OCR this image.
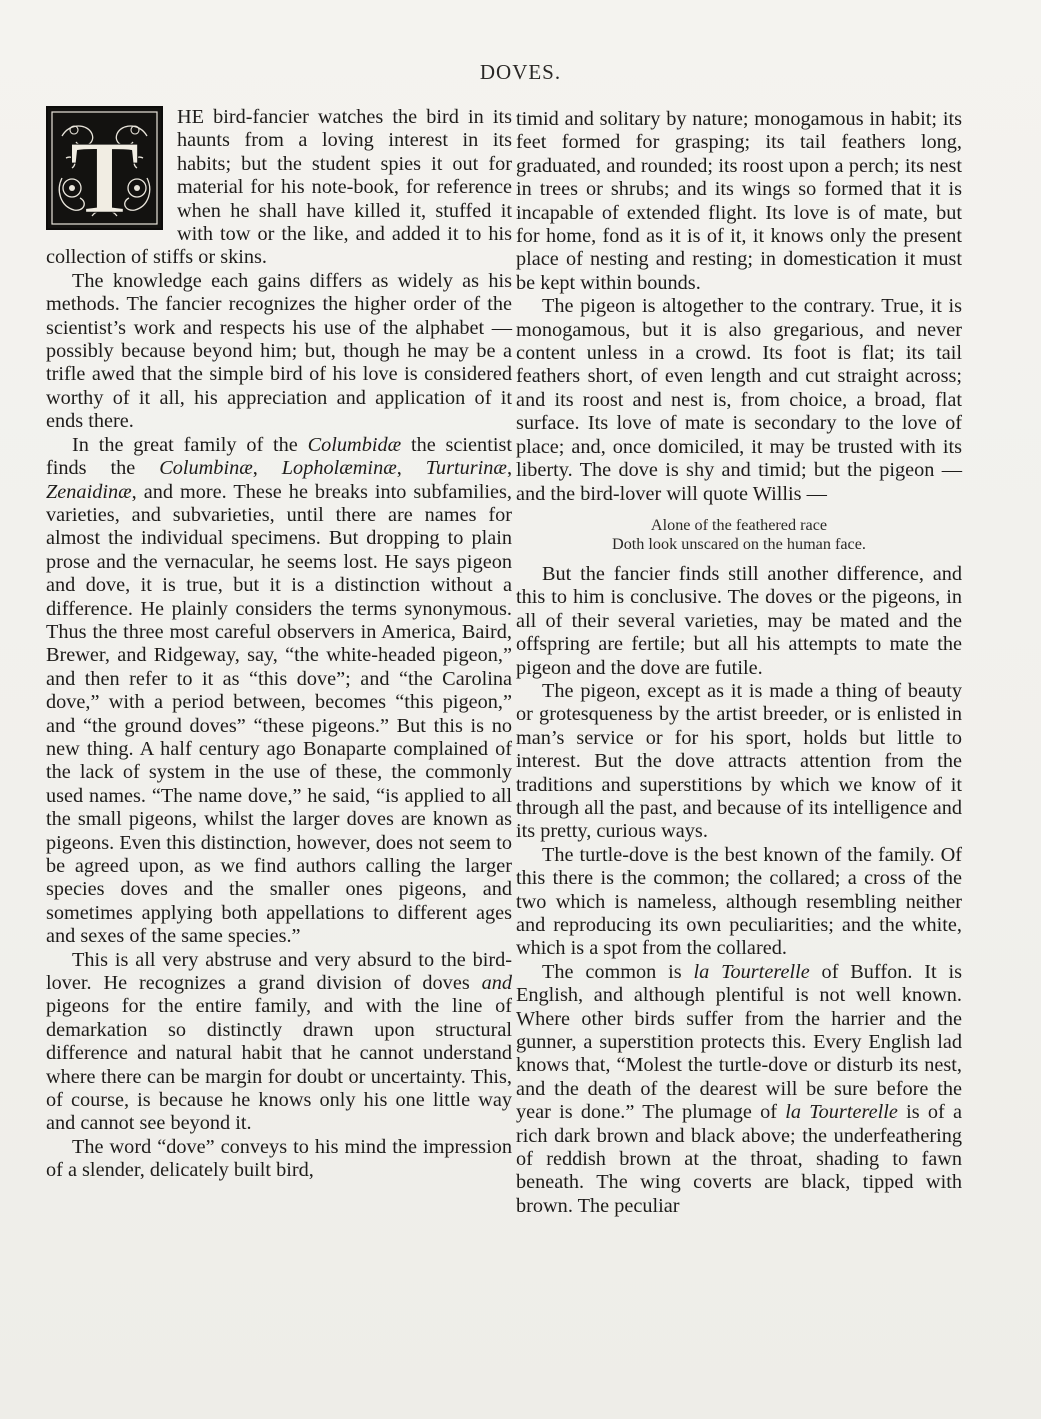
DOVES.

T
HE bird-fancier watches the bird in its haunts from a loving interest in its habits; but the student spies it out for material for his note-book, for reference when he shall have killed it, stuffed it with tow or the like, and added it to his collection of stiffs or skins.

The knowledge each gains differs as widely as his methods. The fancier recognizes the higher order of the scientist’s work and respects his use of the alphabet — possibly because beyond him; but, though he may be a trifle awed that the simple bird of his love is considered worthy of it all, his appreciation and application of it ends there.

In the great family of the Columbidæ the scientist finds the Columbinæ, Lopholæminæ, Turturinæ, Zenaidinæ, and more. These he breaks into subfamilies, varieties, and subvarieties, until there are names for almost the individual specimens. But dropping to plain prose and the vernacular, he seems lost. He says pigeon and dove, it is true, but it is a distinction without a difference. He plainly considers the terms synonymous. Thus the three most careful observers in America, Baird, Brewer, and Ridgeway, say, “the white-headed pigeon,” and then refer to it as “this dove”; and “the Carolina dove,” with a period between, becomes “this pigeon,” and “the ground doves” “these pigeons.” But this is no new thing. A half century ago Bonaparte complained of the lack of system in the use of these, the commonly used names. “The name dove,” he said, “is applied to all the small pigeons, whilst the larger doves are known as pigeons. Even this distinction, however, does not seem to be agreed upon, as we find authors calling the larger species doves and the smaller ones pigeons, and sometimes applying both appellations to different ages and sexes of the same species.”

This is all very abstruse and very absurd to the bird-lover. He recognizes a grand division of doves and pigeons for the entire family, and with the line of demarkation so distinctly drawn upon structural difference and natural habit that he cannot understand where there can be margin for doubt or uncertainty. This, of course, is because he knows only his one little way and cannot see beyond it.

The word “dove” conveys to his mind the impression of a slender, delicately built bird,

timid and solitary by nature; monogamous in habit; its feet formed for grasping; its tail feathers long, graduated, and rounded; its roost upon a perch; its nest in trees or shrubs; and its wings so formed that it is incapable of extended flight. Its love is of mate, but for home, fond as it is of it, it knows only the present place of nesting and resting; in domestication it must be kept within bounds.

The pigeon is altogether to the contrary. True, it is monogamous, but it is also gregarious, and never content unless in a crowd. Its foot is flat; its tail feathers short, of even length and cut straight across; and its roost and nest is, from choice, a broad, flat surface. Its love of mate is secondary to the love of place; and, once domiciled, it may be trusted with its liberty. The dove is shy and timid; but the pigeon — and the bird-lover will quote Willis —

Alone of the feathered race
Doth look unscared on the human face.

But the fancier finds still another difference, and this to him is conclusive. The doves or the pigeons, in all of their several varieties, may be mated and the offspring are fertile; but all his attempts to mate the pigeon and the dove are futile.

The pigeon, except as it is made a thing of beauty or grotesqueness by the artist breeder, or is enlisted in man’s service or for his sport, holds but little to interest. But the dove attracts attention from the traditions and superstitions by which we know of it through all the past, and because of its intelligence and its pretty, curious ways.

The turtle-dove is the best known of the family. Of this there is the common; the collared; a cross of the two which is nameless, although resembling neither and reproducing its own peculiarities; and the white, which is a spot from the collared.

The common is la Tourterelle of Buffon. It is English, and although plentiful is not well known. Where other birds suffer from the harrier and the gunner, a superstition protects this. Every English lad knows that, “Molest the turtle-dove or disturb its nest, and the death of the dearest will be sure before the year is done.” The plumage of la Tourterelle is of a rich dark brown and black above; the underfeathering of reddish brown at the throat, shading to fawn beneath. The wing coverts are black, tipped with brown. The peculiar
